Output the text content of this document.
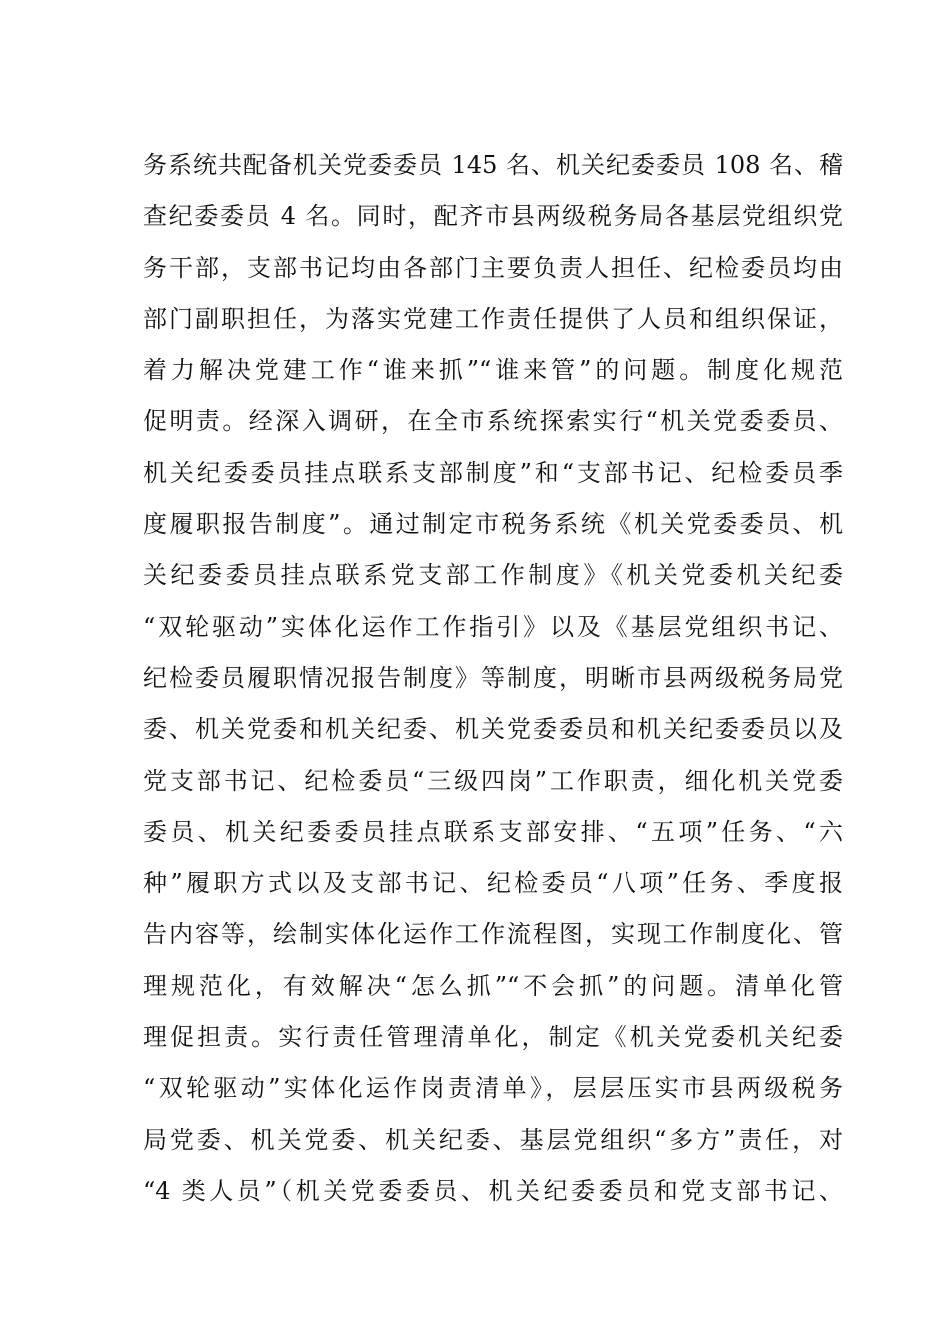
务系统共配备机关党委委员 145 名、机关纪委委员 108 名、稽
查纪委委员 4 名。同时，配齐市县两级税务局各基层党组织党
务干部，支部书记均由各部门主要负责人担任、纪检委员均由
部门副职担任，为落实党建工作责任提供了人员和组织保证，
着力解决党建工作“谁来抓”“谁来管”的问题。制度化规范
促明责。经深入调研，在全市系统探索实行“机关党委委员、
机关纪委委员挂点联系支部制度”和“支部书记、纪检委员季
度履职报告制度”。通过制定市税务系统《机关党委委员、机
关纪委委员挂点联系党支部工作制度》《机关党委机关纪委
“双轮驱动”实体化运作工作指引》以及《基层党组织书记、
纪检委员履职情况报告制度》等制度，明晰市县两级税务局党
委、机关党委和机关纪委、机关党委委员和机关纪委委员以及
党支部书记、纪检委员“三级四岗”工作职责，细化机关党委
委员、机关纪委委员挂点联系支部安排、“五项”任务、“六
种”履职方式以及支部书记、纪检委员“八项”任务、季度报
告内容等，绘制实体化运作工作流程图，实现工作制度化、管
理规范化，有效解决“怎么抓”“不会抓”的问题。清单化管
理促担责。实行责任管理清单化，制定《机关党委机关纪委
“双轮驱动”实体化运作岗责清单》，层层压实市县两级税务
局党委、机关党委、机关纪委、基层党组织“多方”责任，对
“4 类人员”（机关党委委员、机关纪委委员和党支部书记、
